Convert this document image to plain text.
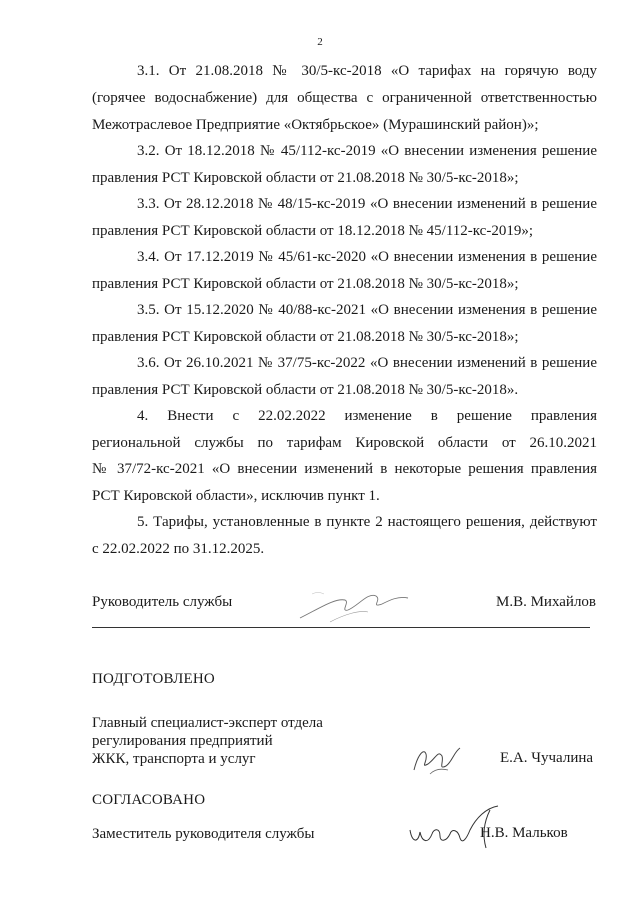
2
3.1. От 21.08.2018 № 30/5-кс-2018 «О тарифах на горячую воду
(горячее водоснабжение) для общества с ограниченной ответственностью
Межотраслевое Предприятие «Октябрьское» (Мурашинский район)»;
3.2. От 18.12.2018 № 45/112-кс-2019 «О внесении изменения решение
правления РСТ Кировской области от 21.08.2018 № 30/5-кс-2018»;
3.3. От 28.12.2018 № 48/15-кс-2019 «О внесении изменений в решение
правления РСТ Кировской области от 18.12.2018 № 45/112-кс-2019»;
3.4. От 17.12.2019 № 45/61-кс-2020 «О внесении изменения в решение
правления РСТ Кировской области от 21.08.2018 № 30/5-кс-2018»;
3.5. От 15.12.2020 № 40/88-кс-2021 «О внесении изменения в решение
правления РСТ Кировской области от 21.08.2018 № 30/5-кс-2018»;
3.6. От 26.10.2021 № 37/75-кс-2022 «О внесении изменений в решение
правления РСТ Кировской области от 21.08.2018 № 30/5-кс-2018».
4. Внести с 22.02.2022 изменение в решение правления
региональной службы по тарифам Кировской области от 26.10.2021
№ 37/72-кс-2021 «О внесении изменений в некоторые решения правления
РСТ Кировской области», исключив пункт 1.
5. Тарифы, установленные в пункте 2 настоящего решения, действуют
с 22.02.2022 по 31.12.2025.
Руководитель службы	М.В. Михайлов
ПОДГОТОВЛЕНО
Главный специалист-эксперт отдела
регулирования предприятий
ЖКК, транспорта и услуг	Е.А. Чучалина
СОГЛАСОВАНО
Заместитель руководителя службы	Н.В. Мальков
